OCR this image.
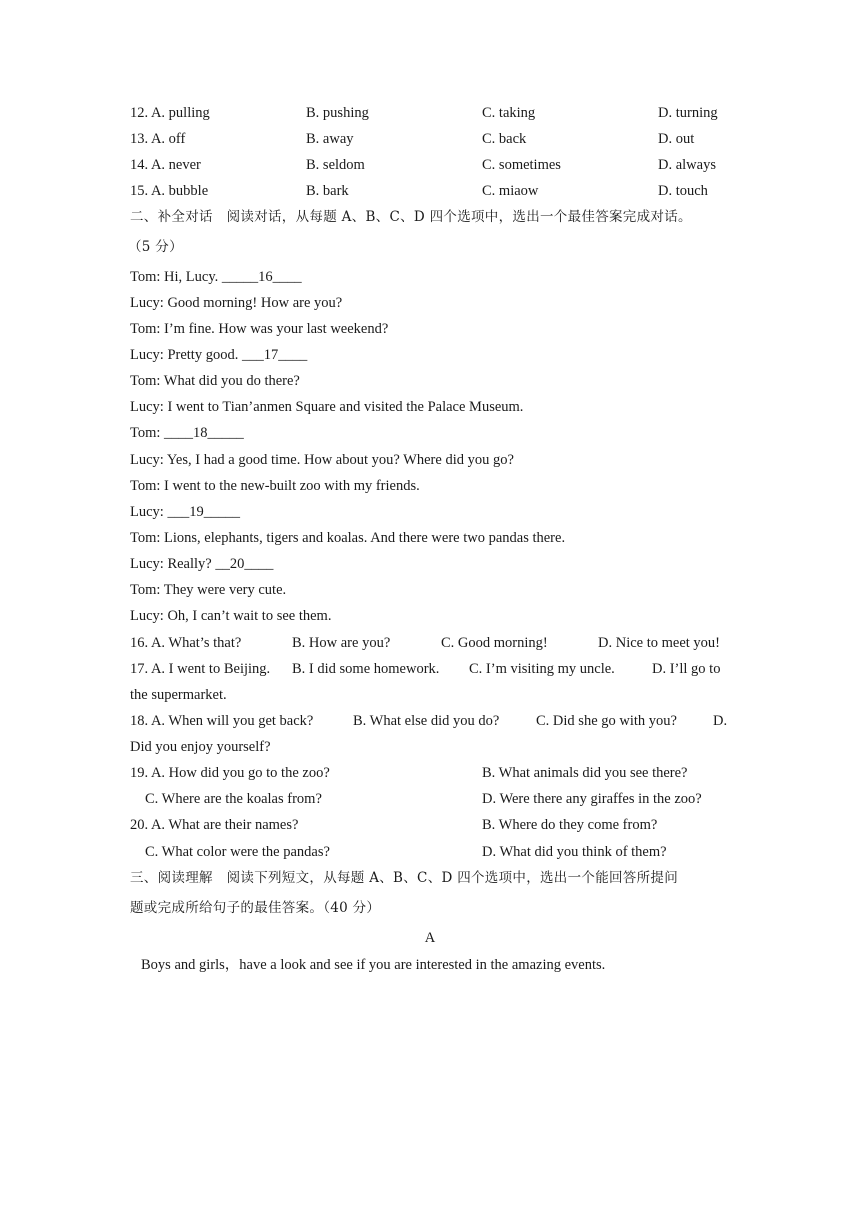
12. A. pulling	B. pushing	C. taking	D. turning
13. A. off	B. away	C. back	D. out
14. A. never	B. seldom	C. sometimes	D. always
15. A. bubble	B. bark	C. miaow	D. touch
二、补全对话　阅读对话，从每题 A、B、C、D 四个选项中，选出一个最佳答案完成对话。
（5 分）
Tom: Hi, Lucy. _____16____
Lucy: Good morning! How are you?
Tom: I’m fine. How was your last weekend?
Lucy: Pretty good. ___17____
Tom: What did you do there?
Lucy: I went to Tian’anmen Square and visited the Palace Museum.
Tom: ____18_____
Lucy: Yes, I had a good time. How about you? Where did you go?
Tom: I went to the new-built zoo with my friends.
Lucy: ___19_____
Tom: Lions, elephants, tigers and koalas. And there were two pandas there.
Lucy: Really? __20____
Tom: They were very cute.
Lucy: Oh, I can’t wait to see them.
16. A. What’s that?	B. How are you?	C. Good morning!	D. Nice to meet you!
17. A. I went to Beijing. B. I did some homework. C. I’m visiting my uncle.	D. I’ll go to
the supermarket.
18. A. When will you get back?	B. What else did you do?	C. Did she go with you? D.
Did you enjoy yourself?
19. A. How did you go to the zoo?	B. What animals did you see there?
C. Where are the koalas from?	D. Were there any giraffes in the zoo?
20. A. What are their names?	B. Where do they come from?
C. What color were the pandas?	D. What did you think of them?
三、阅读理解　阅读下列短文，从每题 A、B、C、D 四个选项中，选出一个能回答所提问
题或完成所给句子的最佳答案。（40 分）
A
Boys and girls，have a look and see if you are interested in the amazing events.
